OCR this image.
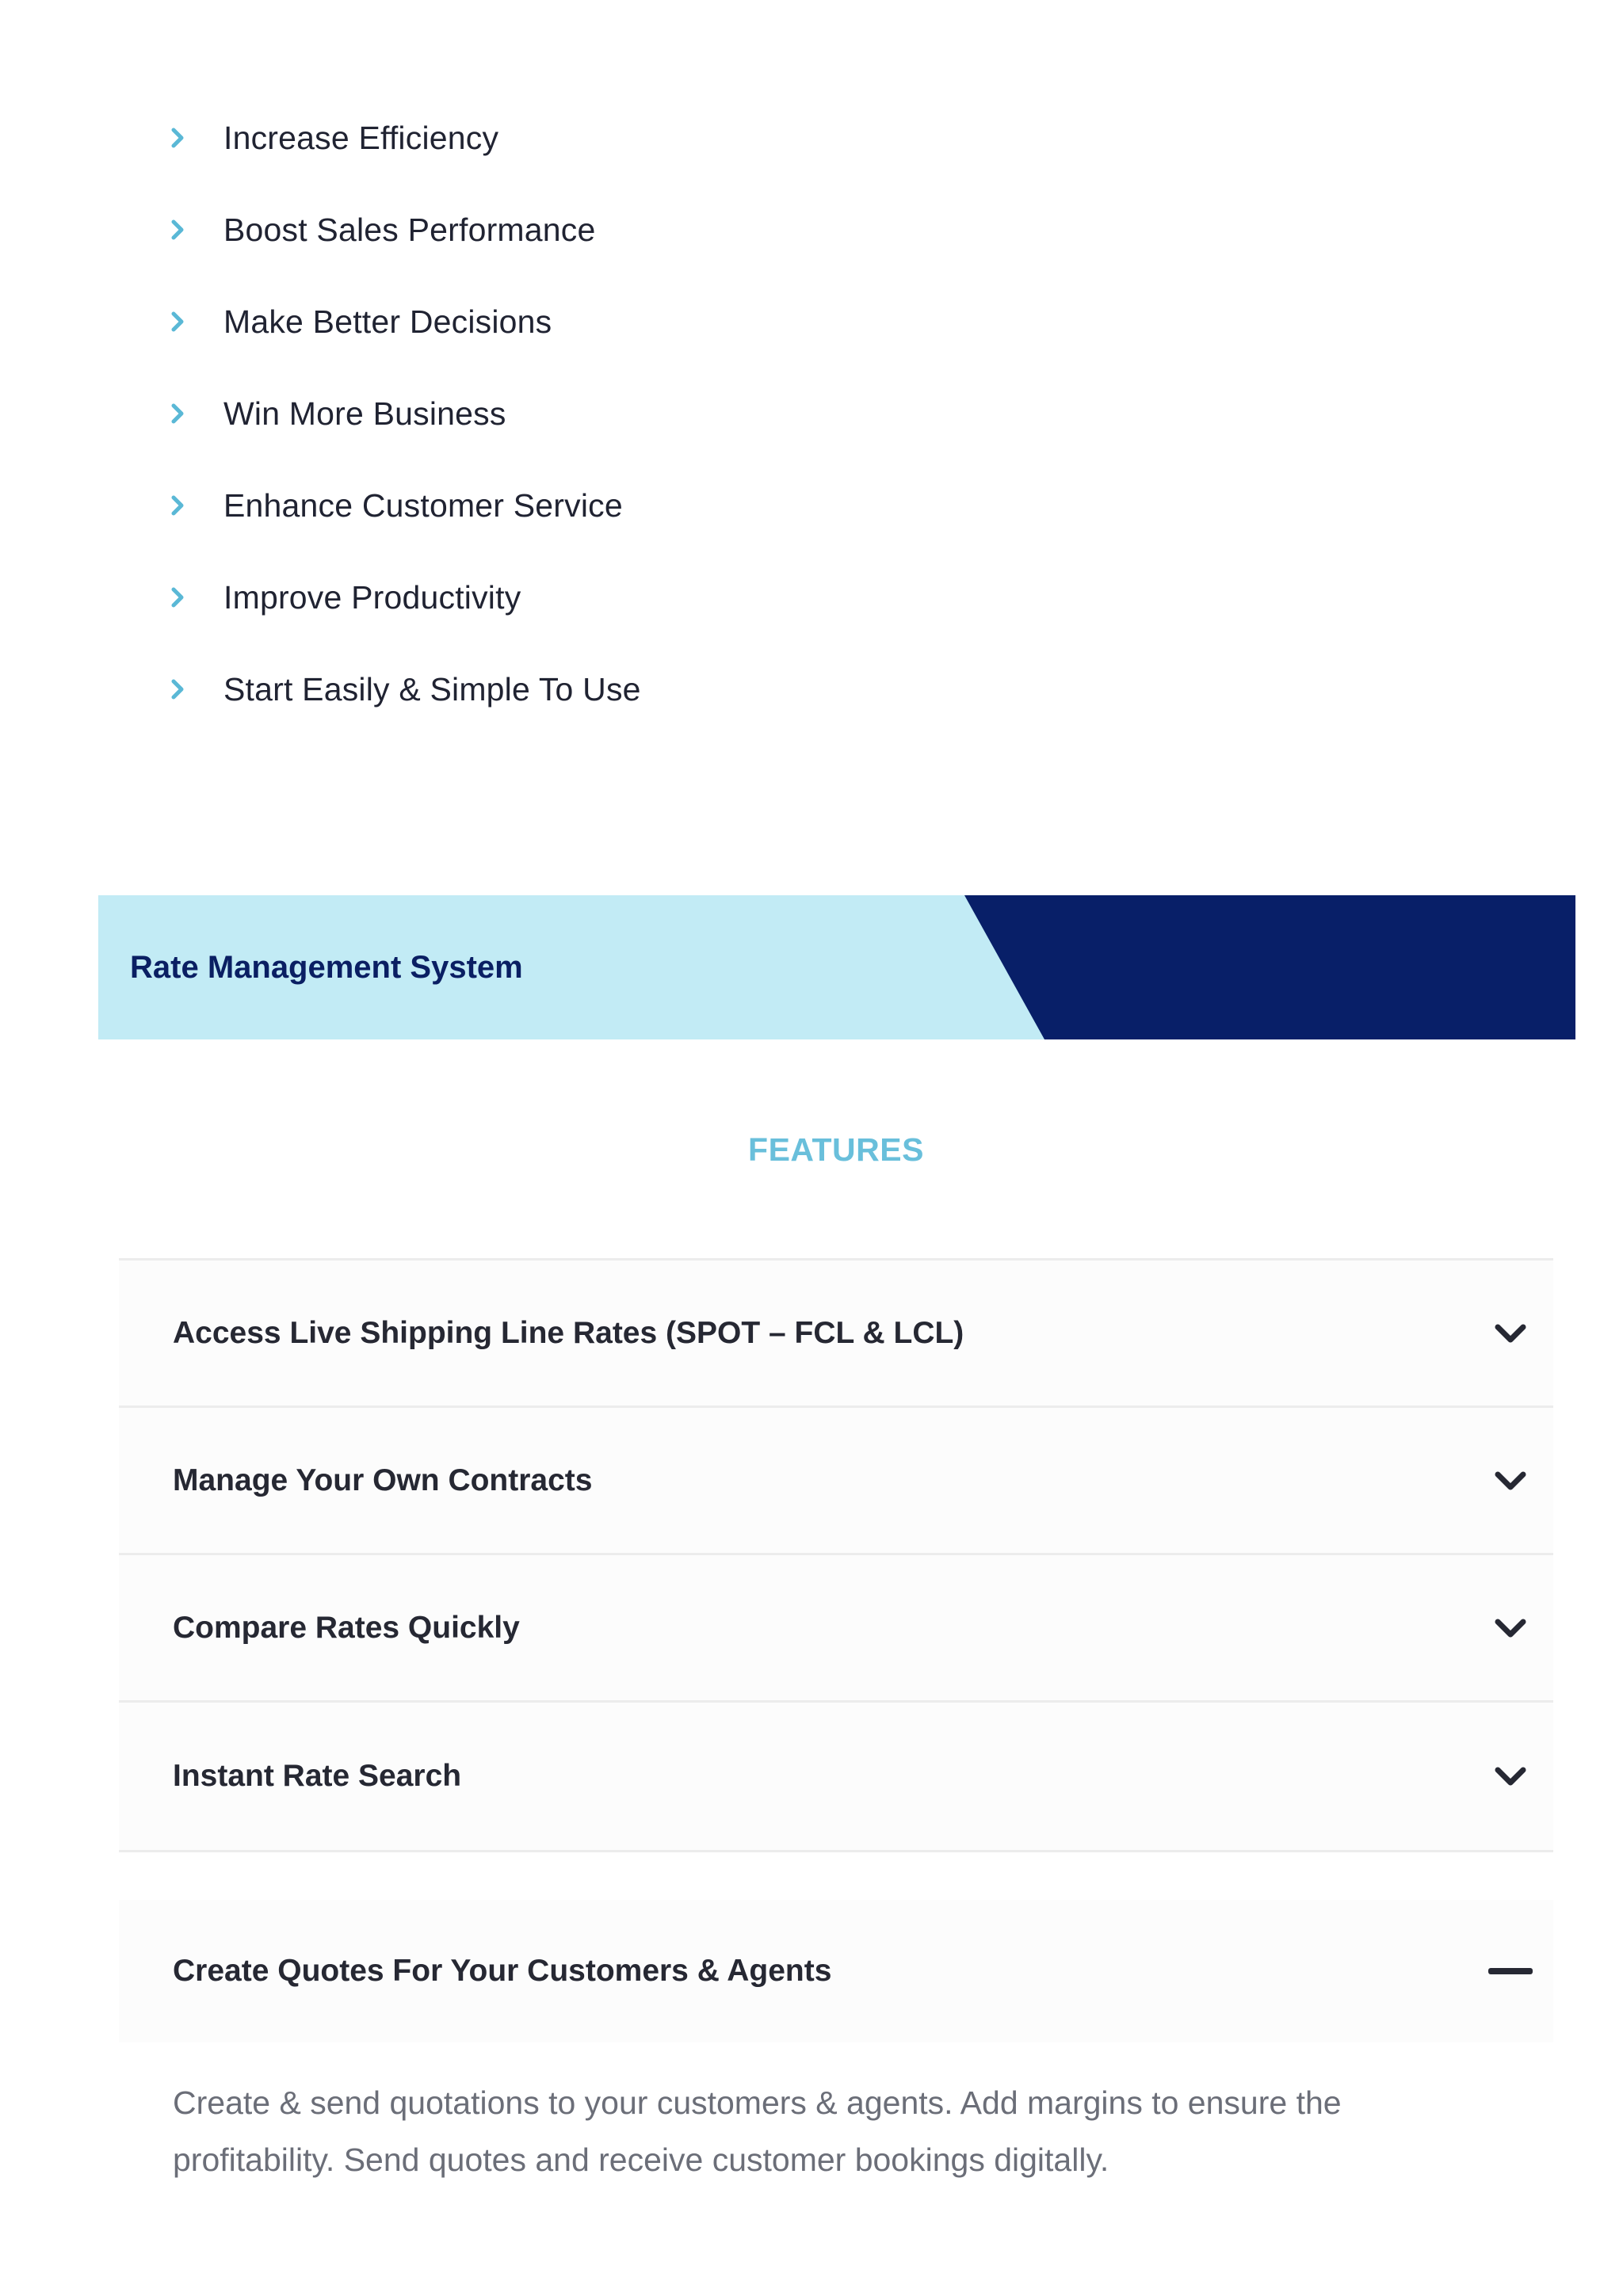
Increase Efficiency
Boost Sales Performance
Make Better Decisions
Win More Business
Enhance Customer Service
Improve Productivity
Start Easily & Simple To Use
Rate Management System
FEATURES
Access Live Shipping Line Rates (SPOT – FCL & LCL)
Manage Your Own Contracts
Compare Rates Quickly
Instant Rate Search
Create Quotes For Your Customers & Agents
Create & send quotations to your customers & agents. Add margins to ensure the profitability. Send quotes and receive customer bookings digitally.
